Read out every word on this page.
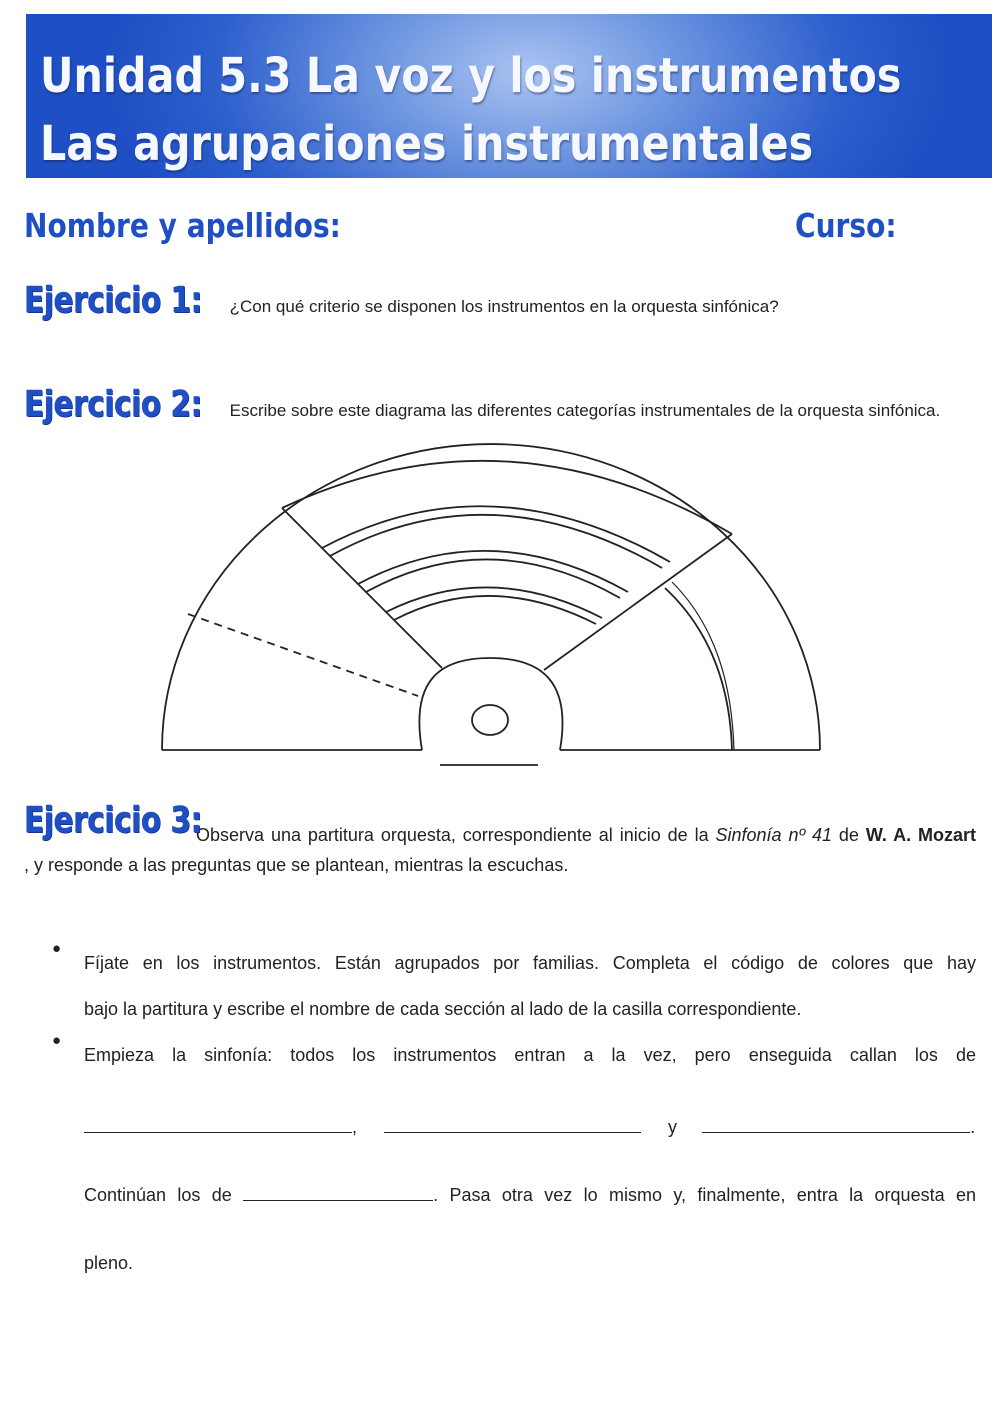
Unidad 5.3 La voz y los instrumentos
Las agrupaciones instrumentales
Nombre y apellidos:	Curso:
Ejercicio 1: ¿Con qué criterio se disponen los instrumentos en la orquesta sinfónica?
Ejercicio 2: Escribe sobre este diagrama las diferentes categorías instrumentales de la orquesta sinfónica.
Ejercicio 3:
Observa una partitura orquesta, correspondiente al inicio de la Sinfonía nº 41 de W. A. Mozart
, y responde a las preguntas que se plantean, mientras la escuchas.
●
Fíjate en los instrumentos. Están agrupados por familias. Completa el código de colores que hay
bajo la partitura y escribe el nombre de cada sección al lado de la casilla correspondiente.
●
Empieza la sinfonía: todos los instrumentos entran a la vez, pero enseguida callan los de
,	y	.
Continúan los de	. Pasa otra vez lo mismo y, finalmente, entra la orquesta en
pleno.
